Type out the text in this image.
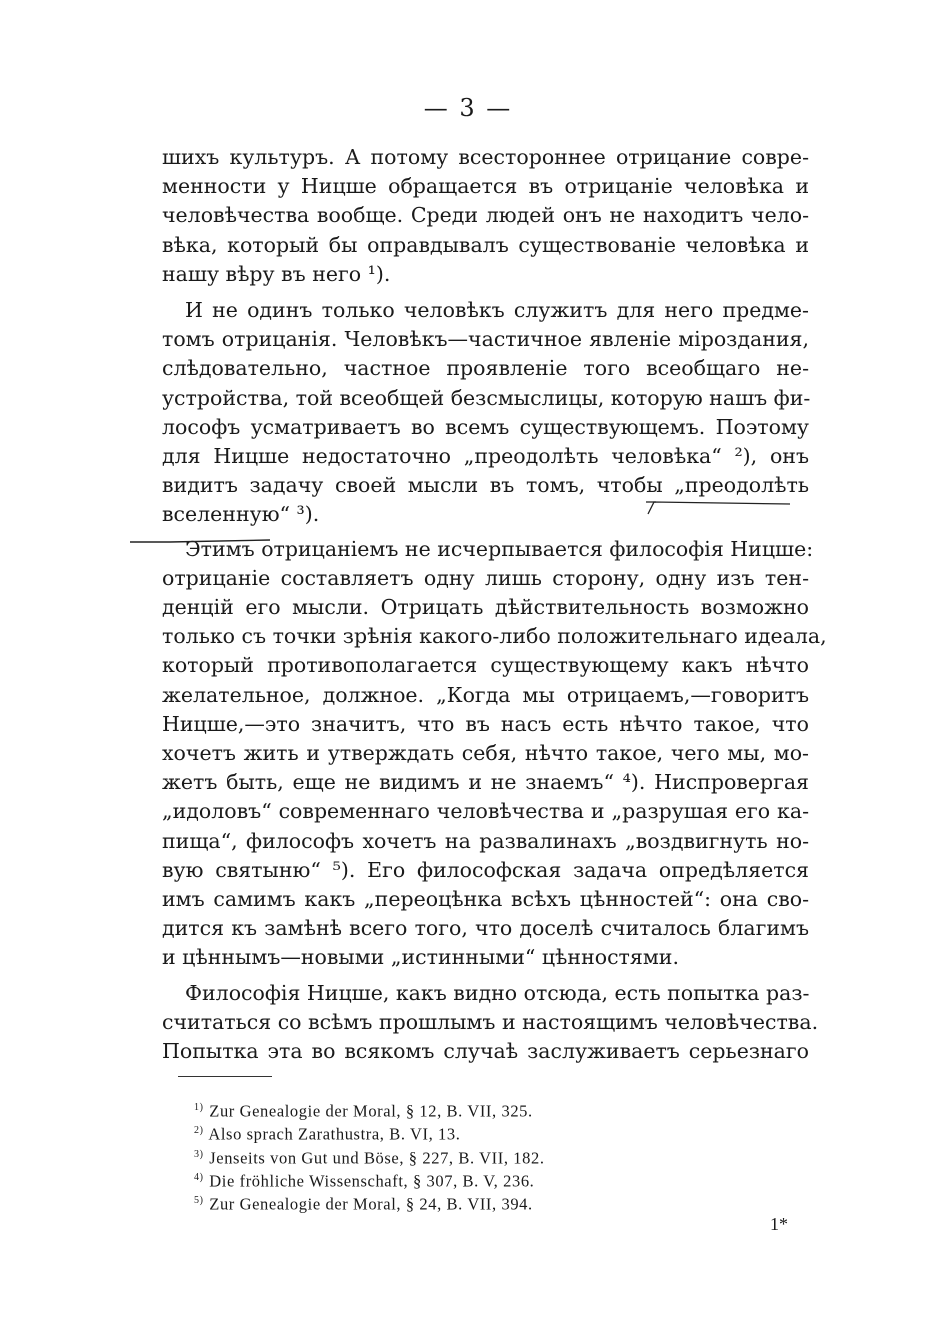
— 3 —
шихъ культуръ. А потому всестороннее отрицание совре-
менности у Ницше обращается въ отрицаніе человѣка и
человѣчества вообще. Среди людей онъ не находитъ чело-
вѣка, который бы оправдывалъ существованіе человѣка и
нашу вѣру въ него ¹).
И не одинъ только человѣкъ служитъ для него предме-
томъ отрицанія. Человѣкъ—частичное явленіе міроздания,
слѣдовательно, частное проявленіе того всеобщаго не-
устройства, той всеобщей безсмыслицы, которую нашъ фи-
лософъ усматриваетъ во всемъ существующемъ. Поэтому
для Ницше недостаточно „преодолѣть человѣка“ ²), онъ
видитъ задачу своей мысли въ томъ, чтобы „преодолѣть
вселенную“ ³).
Этимъ отрицаніемъ не исчерпывается философія Ницше:
отрицаніе составляетъ одну лишь сторону, одну изъ тен-
денцій его мысли. Отрицать дѣйствительность возможно
только съ точки зрѣнія какого-либо положительнаго идеала,
который противополагается существующему какъ нѣчто
желательное, должное. „Когда мы отрицаемъ,—говоритъ
Ницше,—это значитъ, что въ насъ есть нѣчто такое, что
хочетъ жить и утверждать себя, нѣчто такое, чего мы, мо-
жетъ быть, еще не видимъ и не знаемъ“ ⁴). Ниспровергая
„идоловъ“ современнаго человѣчества и „разрушая его ка-
пища“, философъ хочетъ на развалинахъ „воздвигнуть но-
вую святыню“ ⁵). Его философская задача опредѣляется
имъ самимъ какъ „переоцѣнка всѣхъ цѣнностей“: она сво-
дится къ замѣнѣ всего того, что доселѣ считалось благимъ
и цѣннымъ—новыми „истинными“ цѣнностями.
Философія Ницше, какъ видно отсюда, есть попытка раз-
считаться со всѣмъ прошлымъ и настоящимъ человѣчества.
Попытка эта во всякомъ случаѣ заслуживаетъ серьезнаго
$^{1)}$ Zur Genealogie der Moral, § 12, B. VII, 325.
$^{2)}$ Also sprach Zarathustra, B. VI, 13.
$^{3)}$ Jenseits von Gut und Böse, § 227, B. VII, 182.
$^{4)}$ Die fröhliche Wissenschaft, § 307, B. V, 236.
$^{5)}$ Zur Genealogie der Moral, § 24, B. VII, 394.
1*
